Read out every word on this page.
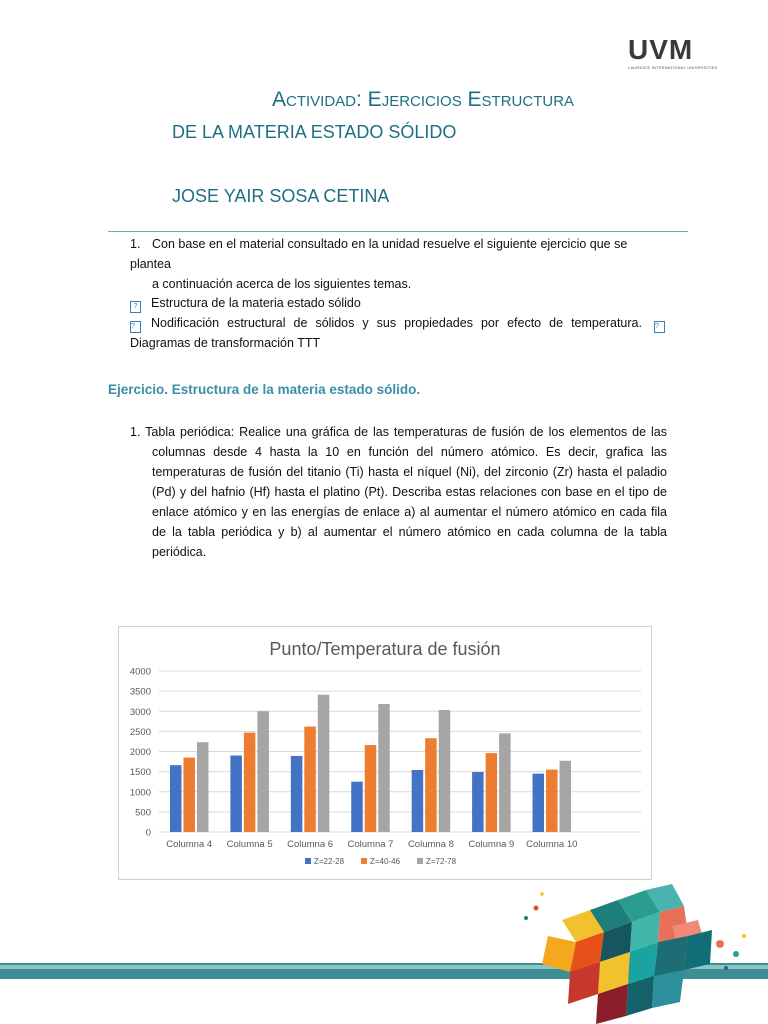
UVM
LAUREATE INTERNATIONAL UNIVERSITIES
Actividad: Ejercicios Estructura
DE LA MATERIA ESTADO SÓLIDO
JOSE YAIR SOSA CETINA
1. Con base en el material consultado en la unidad resuelve el siguiente ejercicio que se plantea
a continuación acerca de los siguientes temas.
? Estructura de la materia estado sólido
? Nodificación estructural de sólidos y sus propiedades por efecto de temperatura. ?
Diagramas de transformación TTT
Ejercicio. Estructura de la materia estado sólido.
1. Tabla periódica: Realice una gráfica de las temperaturas de fusión de los elementos de las
columnas desde 4 hasta la 10 en función del número atómico. Es decir, grafica las temperaturas de fusión del titanio (Ti) hasta el níquel (Ni), del zirconio (Zr) hasta el paladio (Pd) y del hafnio (Hf) hasta el platino (Pt). Describa estas relaciones con base en el tipo de enlace atómico y en las energías de enlace a) al aumentar el número atómico en cada fila de la tabla periódica y b) al aumentar el número atómico en cada columna de la tabla periódica.
Punto/Temperatura de fusión
0
500
1000
1500
2000
2500
3000
3500
4000
Columna 4 Columna 5 Columna 6 Columna 7 Columna 8 Columna 9 Columna 10
Z=22-28	Z=40-46	Z=72-78
